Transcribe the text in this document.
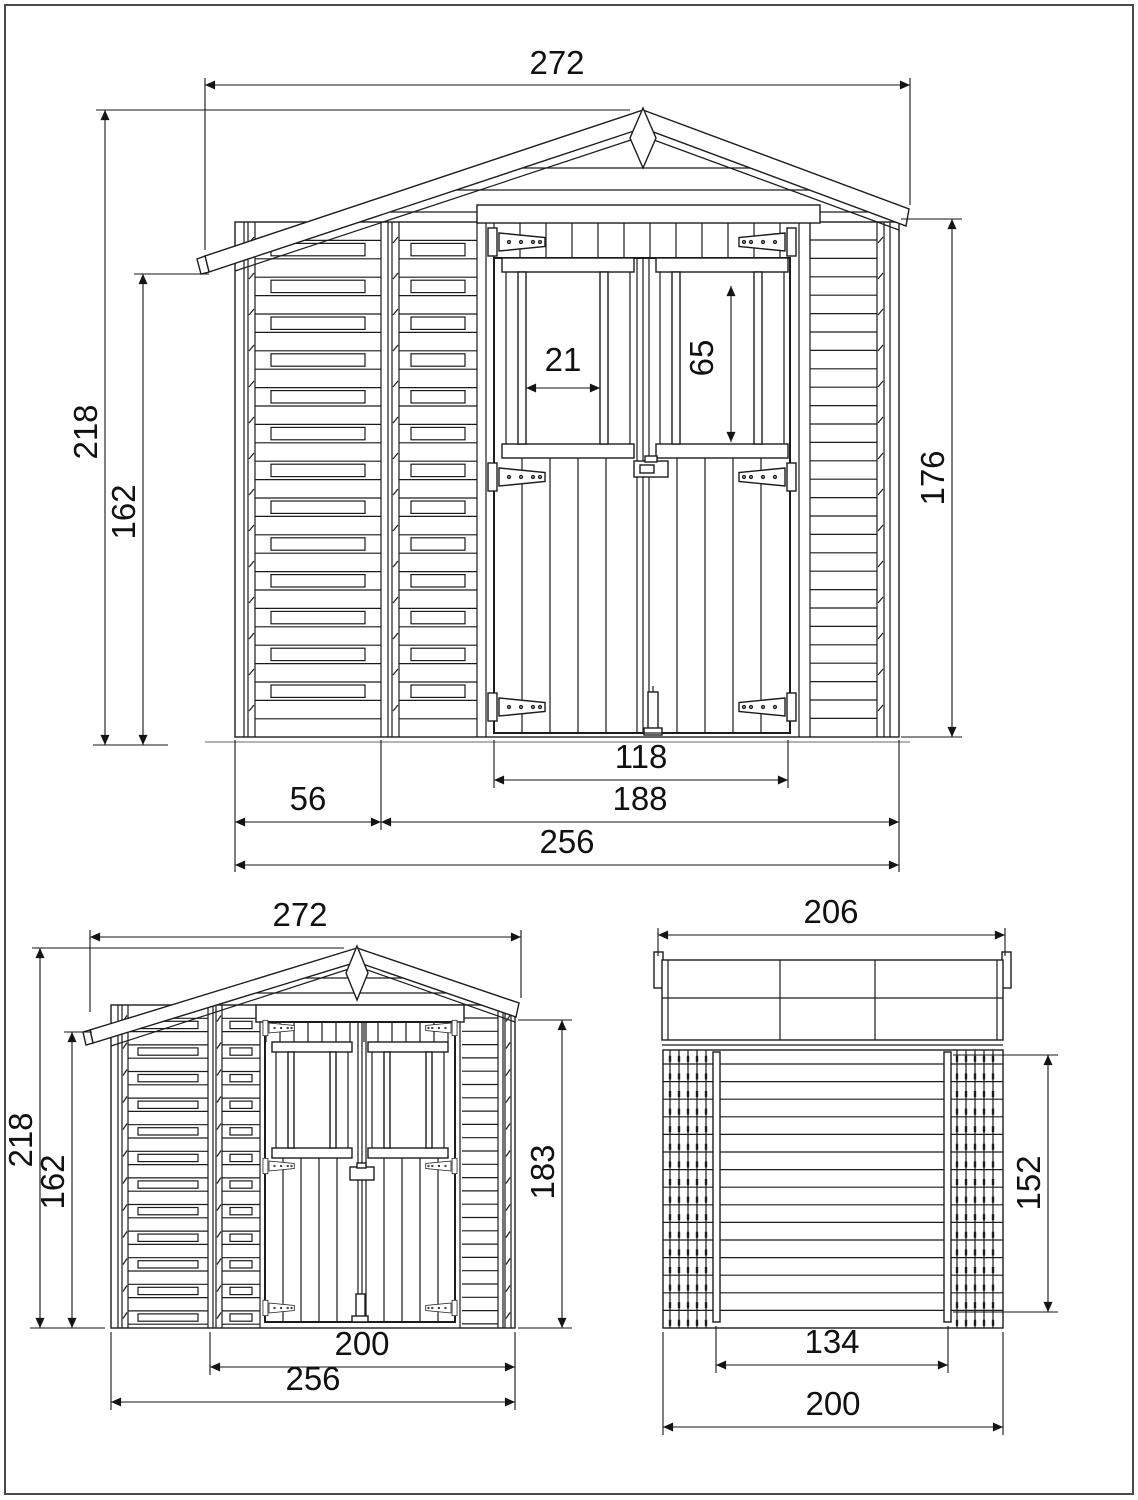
272
218
162
176
21	65
118
56	188
256
272
218
162	183
200
256
206
152
134
200
